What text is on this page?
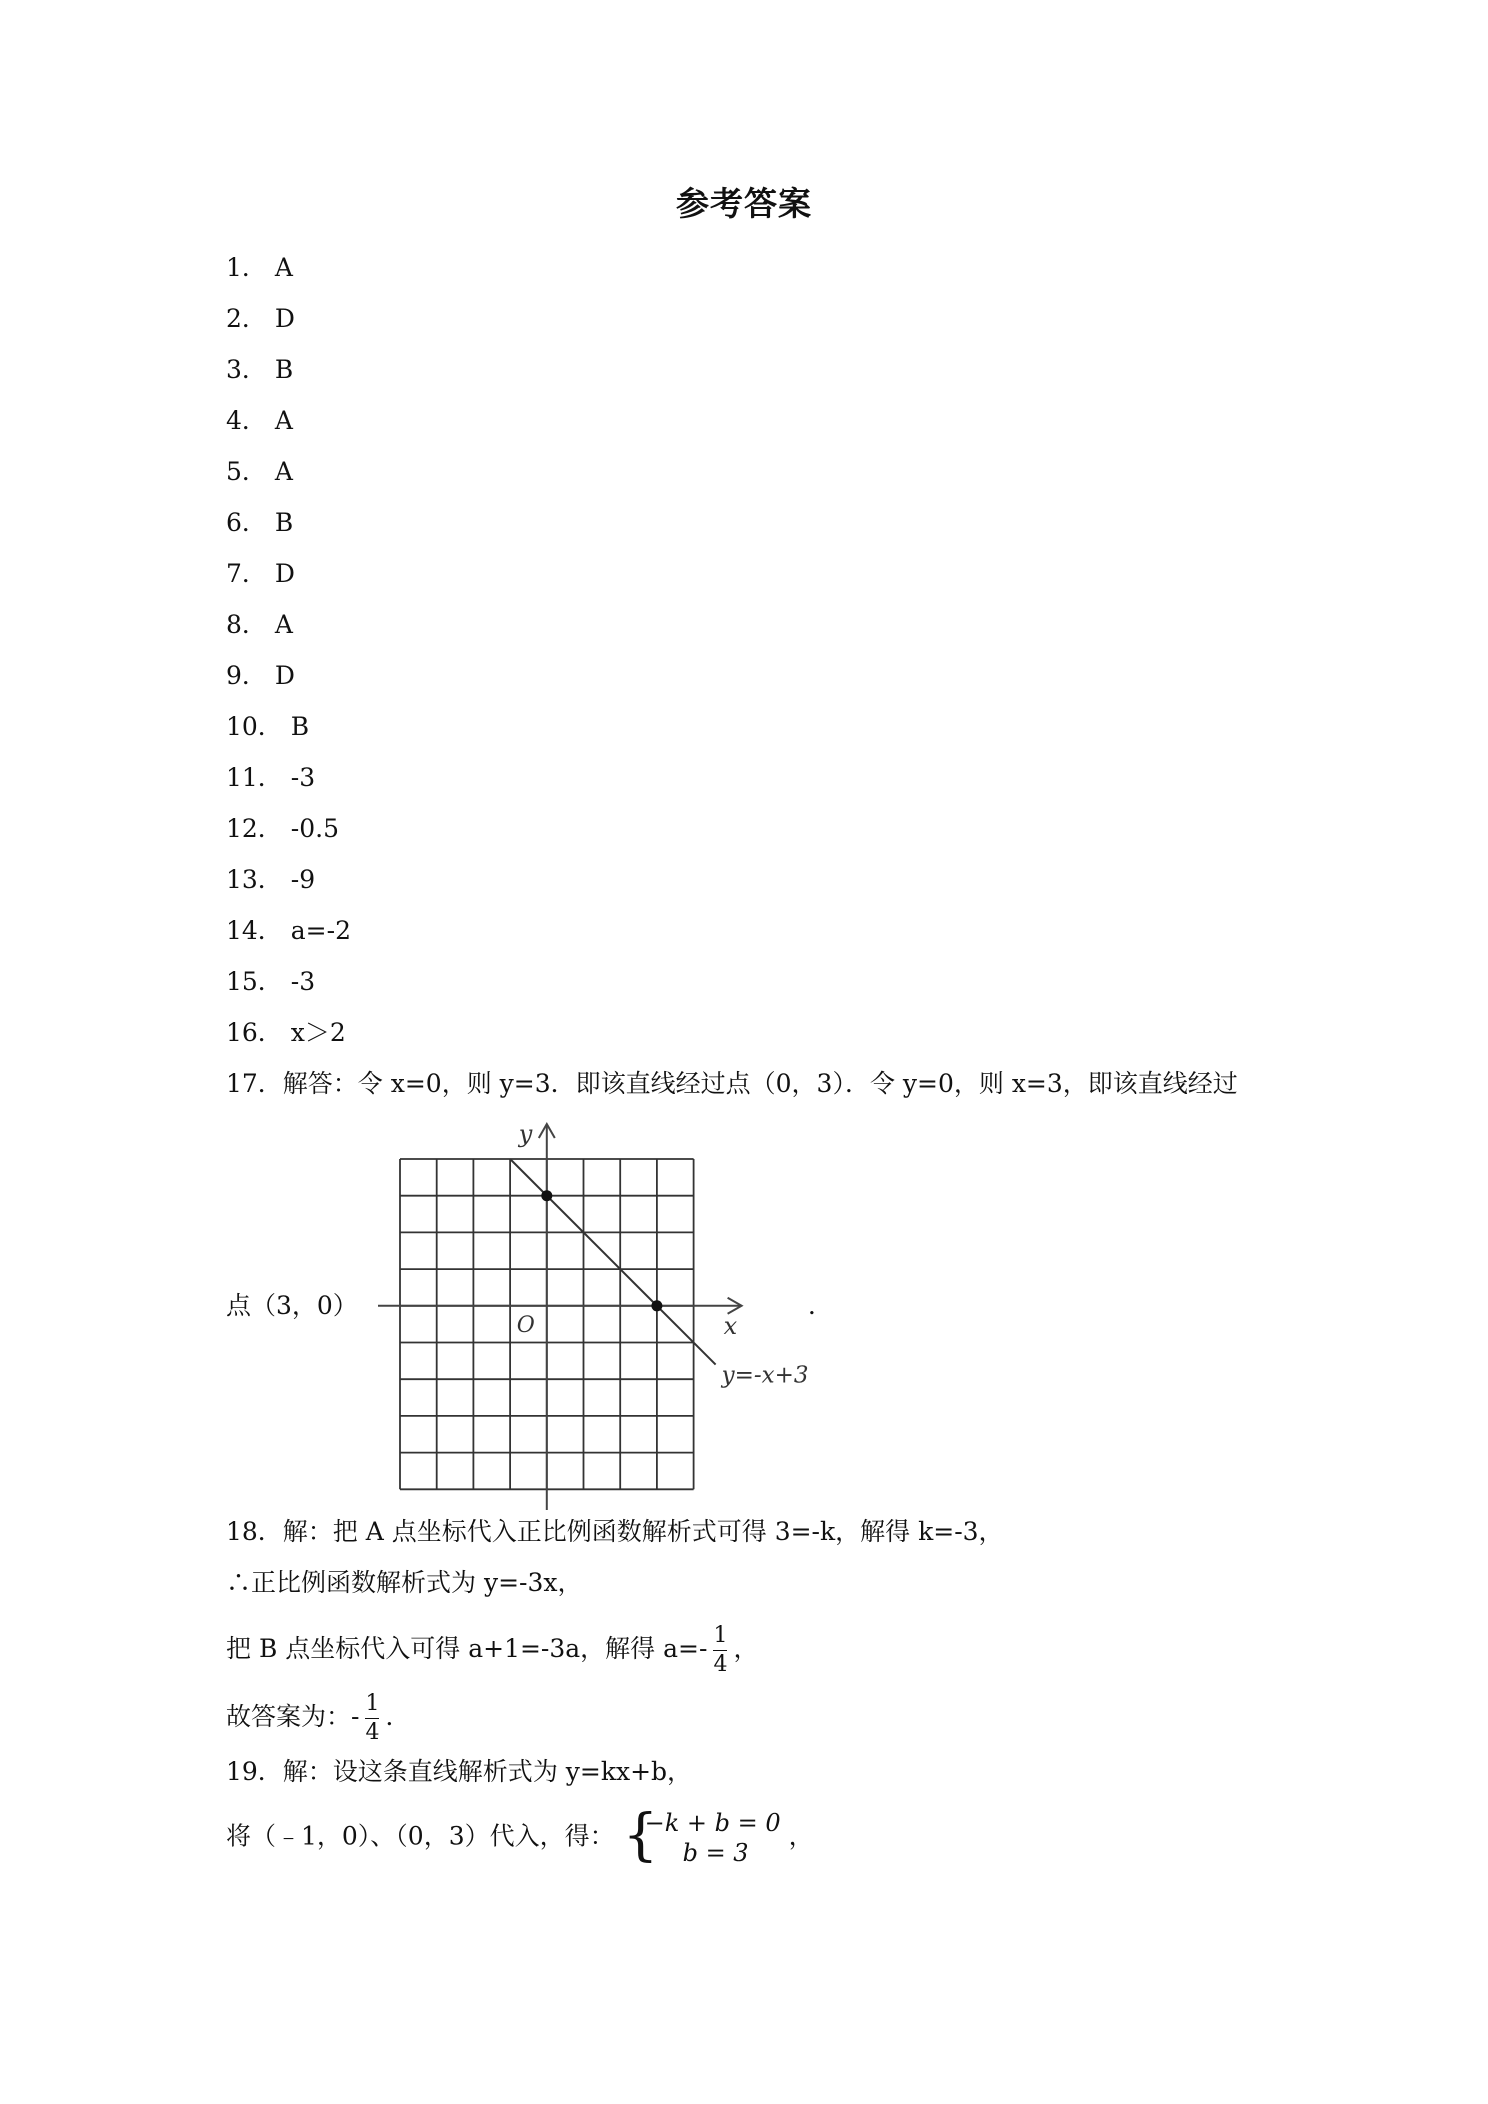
参考答案
1． A
2． D
3． B
4． A
5． A
6． B
7． D
8． A
9． D
10． B
11． -3
12． -0.5
13． -9
14． a=-2
15． -3
16． x＞2
17．解答：令 x=0，则 y=3．即该直线经过点（0，3）．令 y=0，则 x=3，即该直线经过
y
x
O
y=-x+3
点（3，0）	．
18．解：把 A 点坐标代入正比例函数解析式可得 3=-k，解得 k=-3，
∴正比例函数解析式为 y=-3x，
把 B 点坐标代入可得 a+1=-3a，解得 $a=- \frac{1}{4}$ ，
故答案为：- $\frac{1}{4}$ ．
19．解：设这条直线解析式为 y=kx+b，
将（﹣1，0）、（0，3）代入，得： {
−k + b = 0
b = 3
，
